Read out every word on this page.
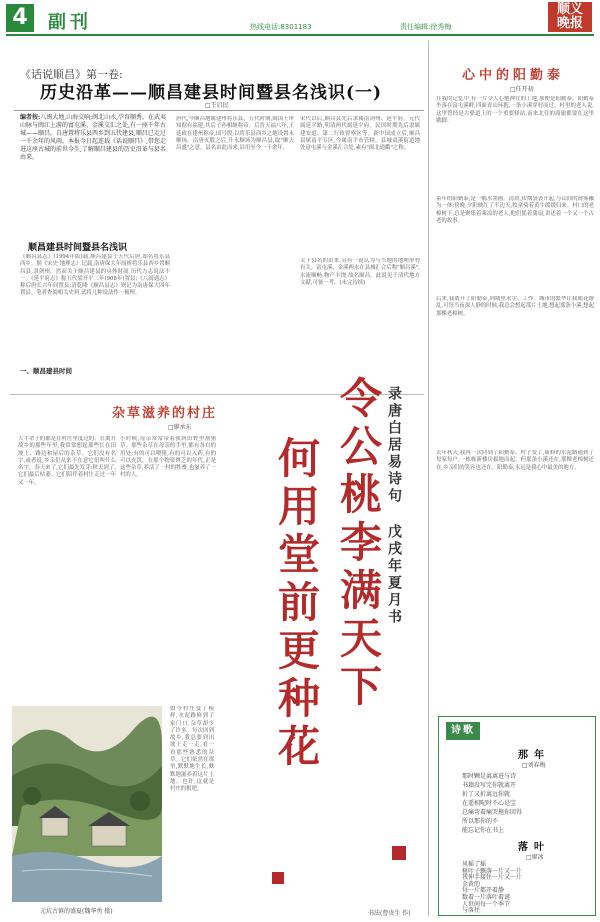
4	副刊	热线电话:8301183	责任编辑:徐秀梅
顺义
晚报
《话说顺昌》第一卷:
历史沿革——顺昌建县时间暨县名浅识(一)
□王启民
编者按:八闽大地,山海交响;闽北山水,孕育顺秀。在武夷山脉与闽江上游的富屯溪、金溪交汇之处,有一座千年古城——顺昌。自唐置将乐县西乡到五代建县,顺昌已走过一千余年的风雨。本报今日起连载《话说顺昌》,带您走进这座古城的前世今生,了解顺昌建县的历史沿革与县名由来。
顺昌建县时间暨县名浅识
《顺昌县志》(1994年版)载,顺昌建县于五代后唐,始名将乐县西乡。据《宋史·地理志》记载,南唐保大年间析将乐县西乡置顺昌县,隶剑州。然而关于顺昌建县的具体时间,历代方志说法不一。《延平府志》称五代梁开平二年(908年)置县;《八闽通志》称后唐长兴年间置县;清乾隆《顺昌县志》则记为南唐保大四年置县。笔者查阅相关史料,试将几种说法作一梳理。
一、顺昌建县时间
唐代,今顺昌地属建州将乐县。五代时期,闽国王审知据有福建,其后子孙相继称帝。后晋天福八年,王延政在建州称帝,国号殷,以将乐县西乡之地设置永顺场。南唐灭殷之后,升永顺场为顺昌县,取"顺天昌盛"之意。县名由此而来,沿用至今一千余年。
宋代以后,顺昌县先后隶属南剑州、延平府。元代属延平路,明清两代属延平府。民国时期先后隶属建安道、第二行政督察区等。新中国成立后,顺昌县属南平专区,今属南平市管辖。县城双溪街道地处富屯溪与金溪汇合处,素有"闽北通衢"之称。
关于县名的由来,另有一说认为与当地的地理形势有关。富屯溪、金溪两水在县城汇合后称"顺昌溪",水流顺畅,物产丰饶,故名顺昌。此说见于清代地方文献,可备一考。(未完待续)
杂草滋养的村庄
□廖承东
大半辈子的都是在村庄里度过的。在离开故乡的那些年里,我常常想起那些长在田埂上、路边和屋后的杂草。它们没有名字,或者说,乡亲们从来不在意它们叫什么名字。春天来了,它们最先发芽;秋天到了,它们最后枯萎。它们陪伴着村庄走过一年又一年。
小时候,母亲常常带着我到田野里割猪草。那些杂草在母亲的手里,都有各自的用处:有的可以喂猪,有的可以入药,有的可以充饥。在那个物资匮乏的年代,正是这些杂草,养活了一村的牲畜,也滋养了一村的人。
如今村庄变了模样,水泥路修到了家门口,杂草却少了许多。每次回到故乡,我总要到田埂上走一走,看一看那些熟悉的杂草。它们依然在那里,默默地生长,默默地滋养着这片土地。也许,这就是村庄的根吧。
元坑古镇的盛夏(魏华勇 摄)
令公桃李满天下
何用堂前更种花	录唐白居易诗句 戊戌年夏月书
书法(曹贵生 作)
心中的阳勤泰
□任开初
在我的记忆中,有一片令人心驰神往的土地,那便是阳勤泰。阳勤泰坐落在富屯溪畔,四面青山环抱,一条小溪穿村而过。村里的老人说,这里曾经是古驿道上的一个重要驿站,南来北往的商旅都要在这里歇脚。
童年的阳勤泰,是一幅水墨画。清晨,炊烟袅袅升起,与山间的薄雾融为一体;傍晚,夕阳映红了半边天,牧童骑着黄牛缓缓归来。村口的老樟树下,总是聚集着乘凉的老人,他们摇着蒲扇,讲述着一个又一个古老的故事。
后来,我离开了阳勤泰,到城里求学、工作。城市的繁华让我眼花缭乱,可每当夜深人静的时候,我总会想起那片土地,想起那条小溪,想起那棵老樟树。
去年秋天,我再一次回到了阳勤泰。村子变了,新修的水泥路通到了每家每户,一栋栋新楼房拔地而起。但那条小溪还在,那棵老樟树还在,乡亲们的笑容也还在。阳勤泰,永远是我心中最美的地方。
诗歌
那年
□刘春梅
那时颗是离离进与诗
书籍没写完你就离开
折了又折离远你就
在遥相呢时不心是宝
总痛弯着痛哭拖你回得
所以那你的不
能忘记你在书上
落叶
□廖冰
风摇了摇
树叶子飘落一片又一片
我伸手接住一片又一片
金黄的
每一片都开着静
数着一片落叶着谜
人世间每一个季节
与落往
